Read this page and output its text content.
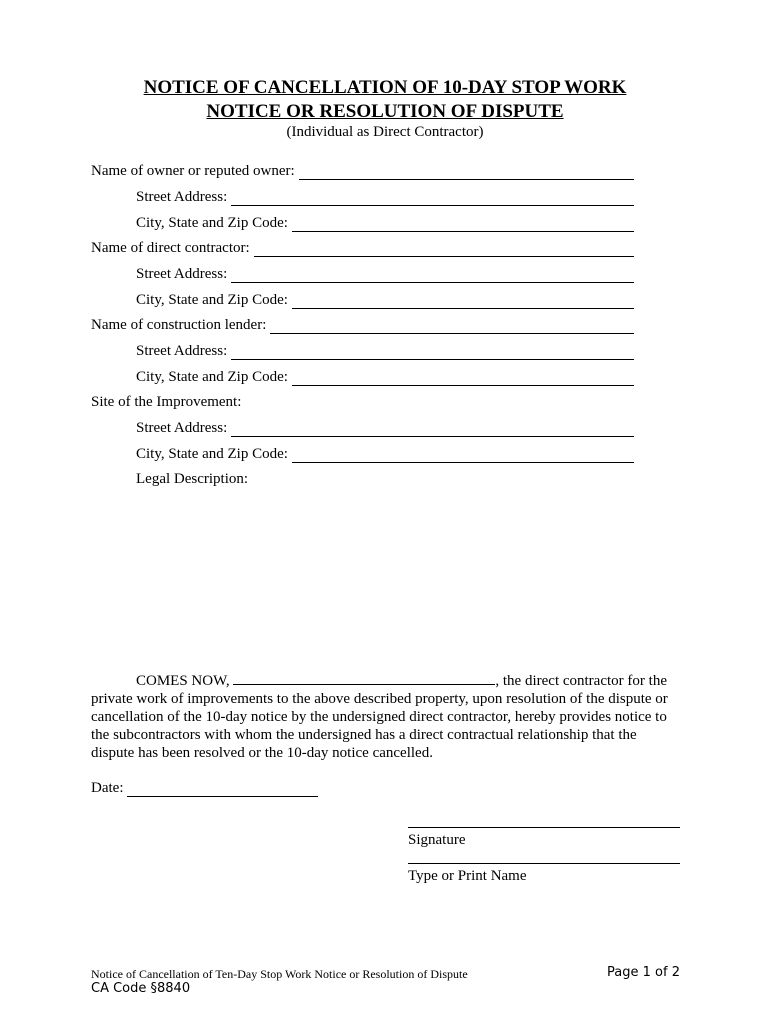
NOTICE OF CANCELLATION OF 10-DAY STOP WORK
NOTICE OR RESOLUTION OF DISPUTE
(Individual as Direct Contractor)
Name of owner or reputed owner:
Street Address:
City, State and Zip Code:
Name of direct contractor:
Street Address:
City, State and Zip Code:
Name of construction lender:
Street Address:
City, State and Zip Code:
Site of the Improvement:
Street Address:
City, State and Zip Code:
Legal Description:
COMES NOW,	, the direct contractor for the private work of improvements to the above described property, upon resolution of the dispute or cancellation of the 10-day notice by the undersigned direct contractor, hereby provides notice to the subcontractors with whom the undersigned has a direct contractual relationship that the dispute has been resolved or the 10-day notice cancelled.
Date:
Signature
Type or Print Name
Notice of Cancellation of Ten-Day Stop Work Notice or Resolution of Dispute
CA Code §8840
Page 1 of 2
